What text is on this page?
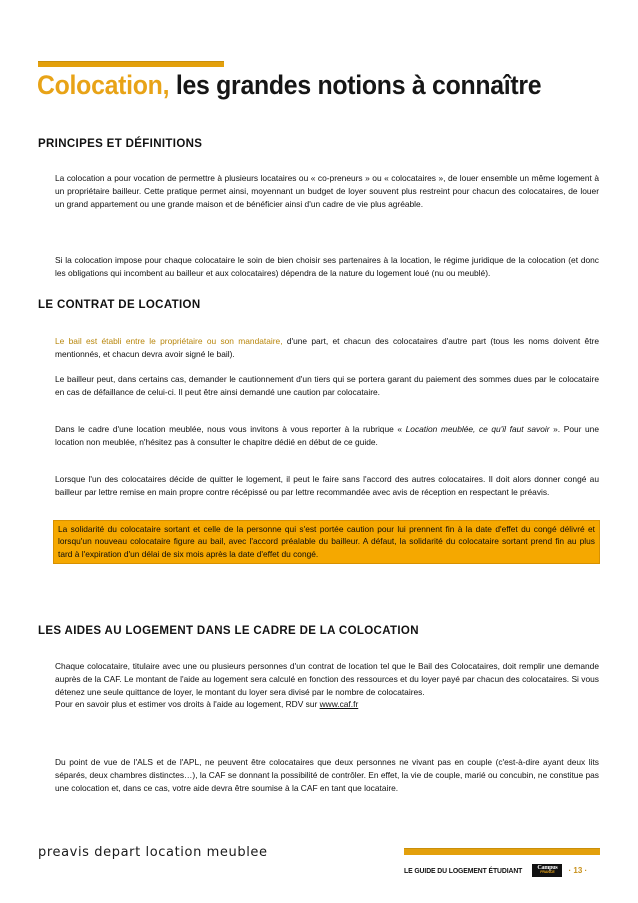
Colocation, les grandes notions à connaître
PRINCIPES ET DÉFINITIONS

La colocation a pour vocation de permettre à plusieurs locataires ou « co-preneurs » ou « colocataires », de louer ensemble un même logement à un propriétaire bailleur. Cette pratique permet ainsi, moyennant un budget de loyer souvent plus restreint pour chacun des colocataires, de louer un grand appartement ou une grande maison et de bénéficier ainsi d'un cadre de vie plus agréable.

Si la colocation impose pour chaque colocataire le soin de bien choisir ses partenaires à la location, le régime juridique de la colocation (et donc les obligations qui incombent au bailleur et aux colocataires) dépendra de la nature du logement loué (nu ou meublé).

LE CONTRAT DE LOCATION

Le bail est établi entre le propriétaire ou son mandataire, d'une part, et chacun des colocataires d'autre part (tous les noms doivent être mentionnés, et chacun devra avoir signé le bail).

Le bailleur peut, dans certains cas, demander le cautionnement d'un tiers qui se portera garant du paiement des sommes dues par le colocataire en cas de défaillance de celui-ci. Il peut être ainsi demandé une caution par colocataire.

Dans le cadre d'une location meublée, nous vous invitons à vous reporter à la rubrique « Location meublée, ce qu'il faut savoir ». Pour une location non meublée, n'hésitez pas à consulter le chapitre dédié en début de ce guide.

Lorsque l'un des colocataires décide de quitter le logement, il peut le faire sans l'accord des autres colocataires. Il doit alors donner congé au bailleur par lettre remise en main propre contre récépissé ou par lettre recommandée avec avis de réception en respectant le préavis.

La solidarité du colocataire sortant et celle de la personne qui s'est portée caution pour lui prennent fin à la date d'effet du congé délivré et lorsqu'un nouveau colocataire figure au bail, avec l'accord préalable du bailleur. A défaut, la solidarité du colocataire sortant prend fin au plus tard à l'expiration d'un délai de six mois après la date d'effet du congé.
LES AIDES AU LOGEMENT DANS LE CADRE DE LA COLOCATION

Chaque colocataire, titulaire avec une ou plusieurs personnes d'un contrat de location tel que le Bail des Colocataires, doit remplir une demande auprès de la CAF. Le montant de l'aide au logement sera calculé en fonction des ressources et du loyer payé par chacun des colocataires. Si vous détenez une seule quittance de loyer, le montant du loyer sera divisé par le nombre de colocataires.
Pour en savoir plus et estimer vos droits à l'aide au logement, RDV sur www.caf.fr

Du point de vue de l'ALS et de l'APL, ne peuvent être colocataires que deux personnes ne vivant pas en couple (c'est-à-dire ayant deux lits séparés, deux chambres distinctes…), la CAF se donnant la possibilité de contrôler. En effet, la vie de couple, marié ou concubin, ne constitue pas une colocation et, dans ce cas, votre aide devra être soumise à la CAF en tant que locataire.

preavis depart location meublee
LE GUIDE DU LOGEMENT ÉTUDIANT	Campus
FRANCE · 13 ·
